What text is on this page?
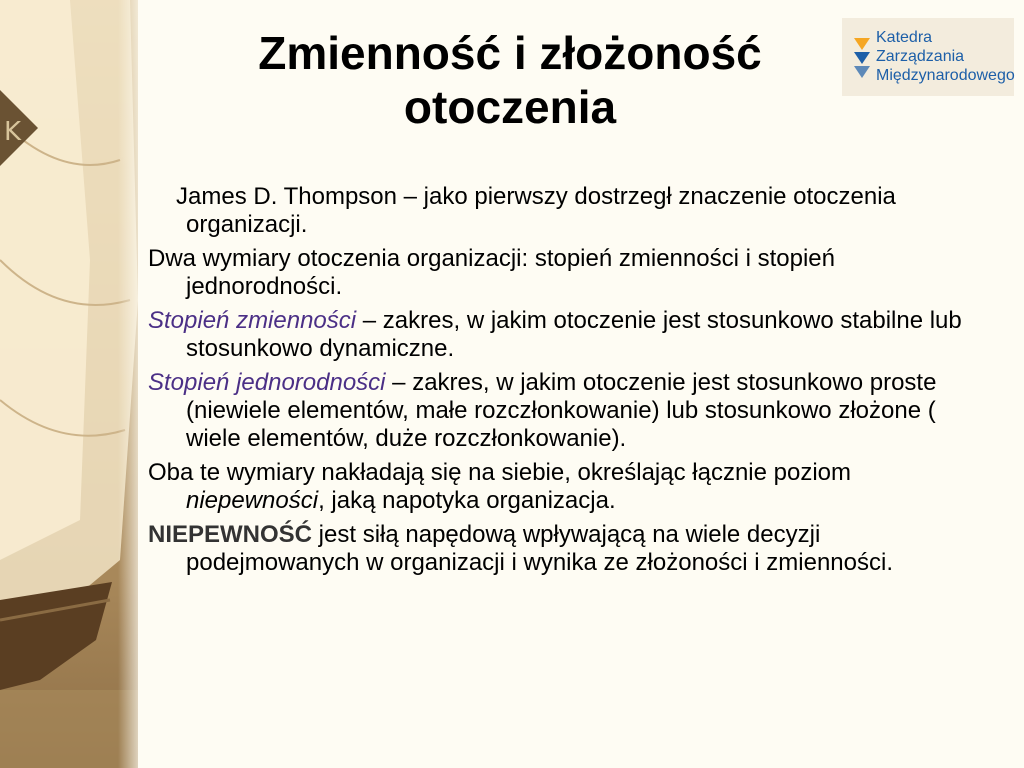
K
Zmienność i złożoność
otoczenia
Katedra
Zarządzania
Międzynarodowego

James D. Thompson – jako pierwszy dostrzegł znaczenie otoczenia organizacji.

Dwa wymiary otoczenia organizacji: stopień zmienności i stopień jednorodności.

Stopień zmienności – zakres, w jakim otoczenie jest stosunkowo stabilne lub stosunkowo dynamiczne.

Stopień jednorodności – zakres, w jakim otoczenie jest stosunkowo proste (niewiele elementów, małe rozczłonkowanie) lub stosunkowo złożone ( wiele elementów, duże rozczłonkowanie).

Oba te wymiary nakładają się na siebie, określając łącznie poziom niepewności, jaką napotyka organizacja.

NIEPEWNOŚĆ jest siłą napędową wpływającą na wiele decyzji podejmowanych w organizacji i wynika ze złożoności i zmienności.
